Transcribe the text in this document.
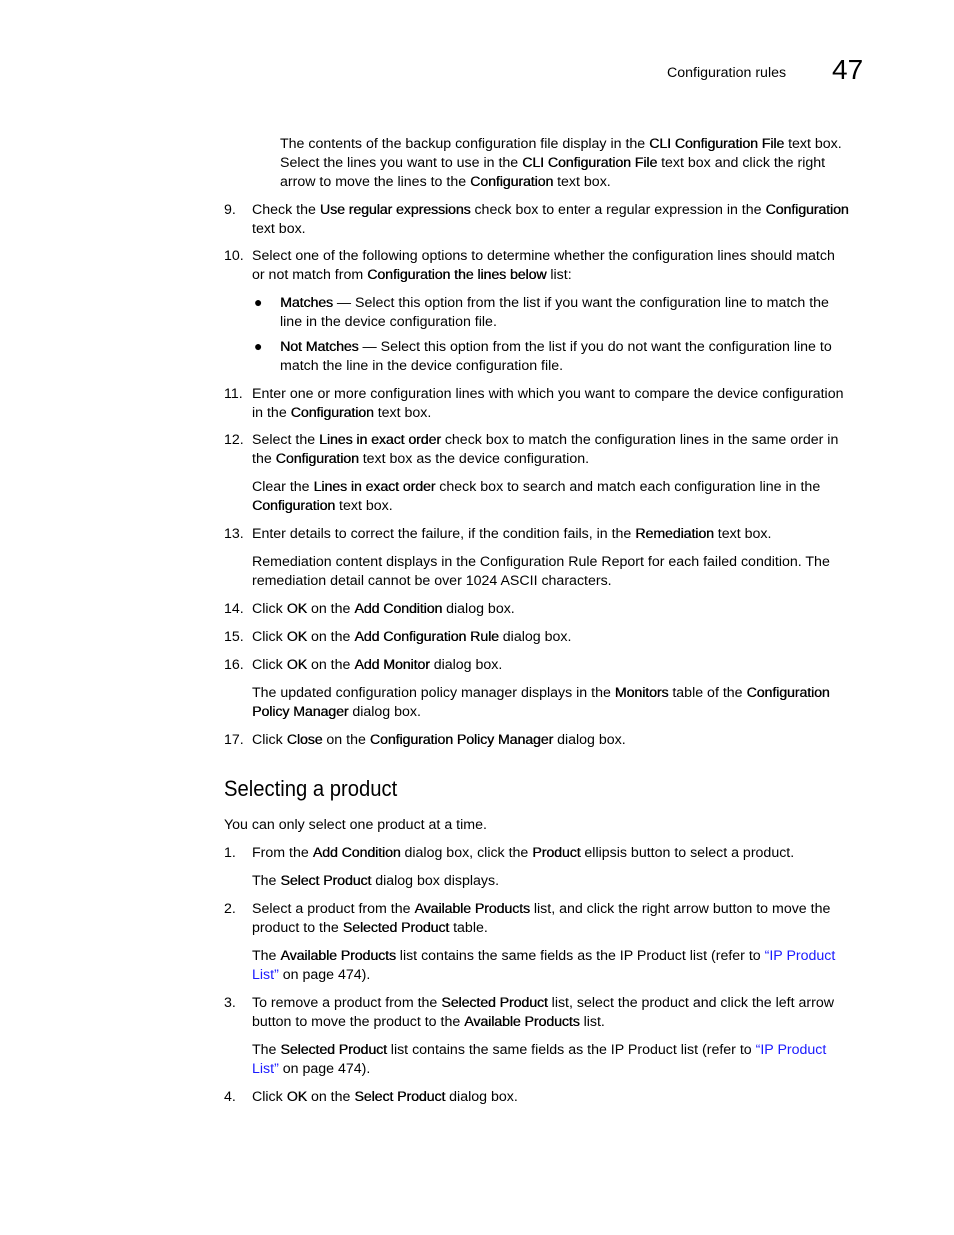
Configuration rules 47
The contents of the backup configuration file display in the CLI Configuration File text box.
Select the lines you want to use in the CLI Configuration File text box and click the right
arrow to move the lines to the Configuration text box.
9. Check the Use regular expressions check box to enter a regular expression in the Configuration
text box.
10. Select one of the following options to determine whether the configuration lines should match
or not match from Configuration the lines below list:
● Matches — Select this option from the list if you want the configuration line to match the
line in the device configuration file.
● Not Matches — Select this option from the list if you do not want the configuration line to
match the line in the device configuration file.
11. Enter one or more configuration lines with which you want to compare the device configuration
in the Configuration text box.
12. Select the Lines in exact order check box to match the configuration lines in the same order in
the Configuration text box as the device configuration.
Clear the Lines in exact order check box to search and match each configuration line in the
Configuration text box.
13. Enter details to correct the failure, if the condition fails, in the Remediation text box.
Remediation content displays in the Configuration Rule Report for each failed condition. The
remediation detail cannot be over 1024 ASCII characters.
14. Click OK on the Add Condition dialog box.
15. Click OK on the Add Configuration Rule dialog box.
16. Click OK on the Add Monitor dialog box.
The updated configuration policy manager displays in the Monitors table of the Configuration
Policy Manager dialog box.
17. Click Close on the Configuration Policy Manager dialog box.
Selecting a product
You can only select one product at a time.
1. From the Add Condition dialog box, click the Product ellipsis button to select a product.
The Select Product dialog box displays.
2. Select a product from the Available Products list, and click the right arrow button to move the
product to the Selected Product table.
The Available Products list contains the same fields as the IP Product list (refer to “IP Product
List” on page 474).
3. To remove a product from the Selected Product list, select the product and click the left arrow
button to move the product to the Available Products list.
The Selected Product list contains the same fields as the IP Product list (refer to “IP Product
List” on page 474).
4. Click OK on the Select Product dialog box.
